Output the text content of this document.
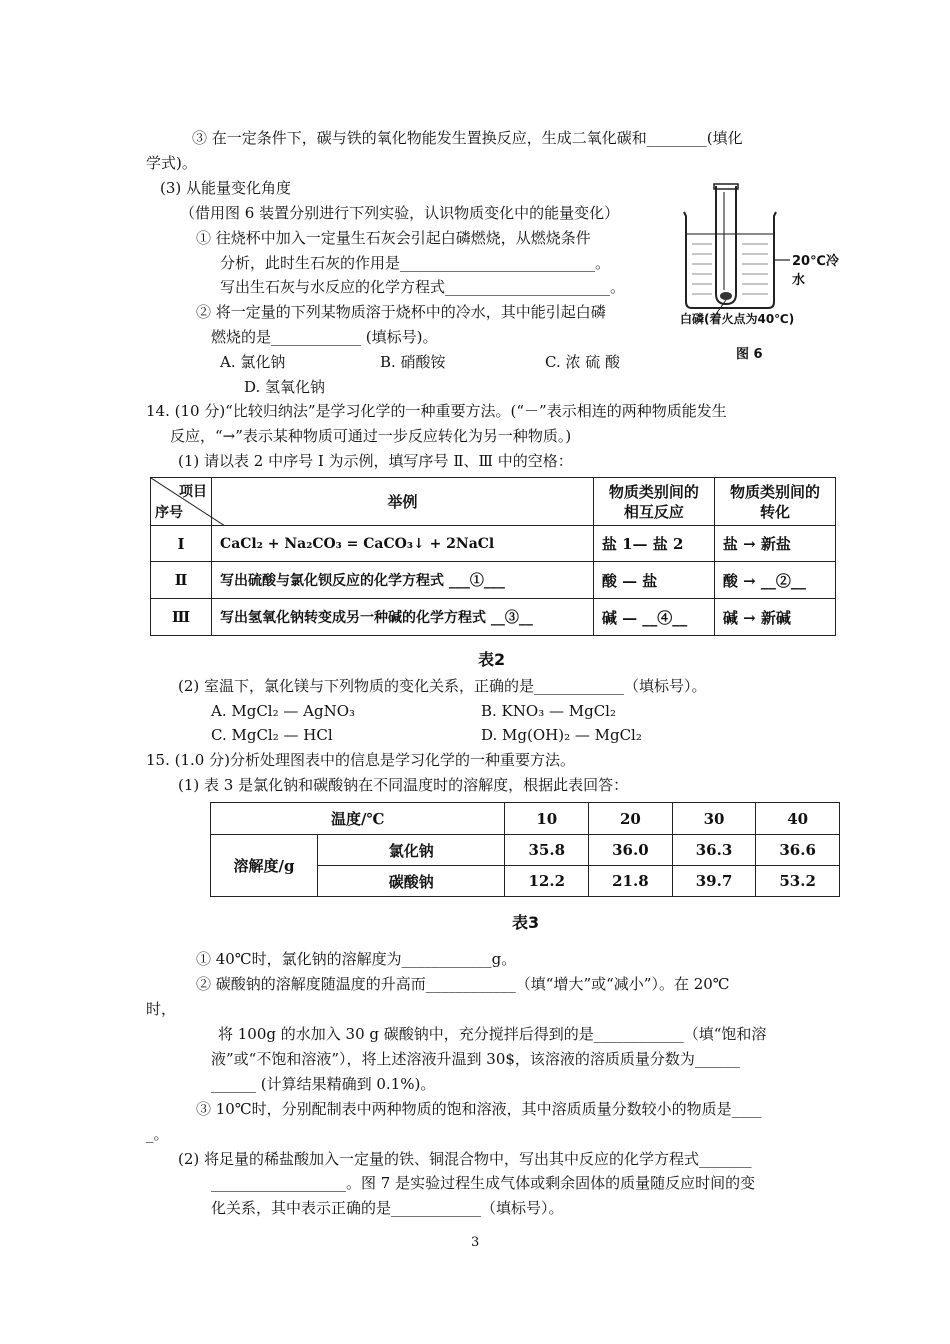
③ 在一定条件下，碳与铁的氧化物能发生置换反应，生成二氧化碳和________(填化
学式)。
(3) 从能量变化角度
（借用图 6 装置分别进行下列实验，认识物质变化中的能量变化）
① 往烧杯中加入一定量生石灰会引起白磷燃烧，从燃烧条件
分析，此时生石灰的作用是__________________________。
写出生石灰与水反应的化学方程式______________________。
② 将一定量的下列某物质溶于烧杯中的冷水，其中能引起白磷
燃烧的是____________ (填标号)。
A. 氯化钠	B. 硝酸铵	C. 浓 硫 酸
D. 氢氧化钠
20℃冷水
白磷(着火点为40℃)
图 6
14. (10 分)“比较归纳法”是学习化学的一种重要方法。(“－”表示相连的两种物质能发生
反应，“→”表示某种物质可通过一步反应转化为另一种物质。)
(1) 请以表 2 中序号 Ⅰ 为示例，填写序号 Ⅱ、Ⅲ 中的空格：
项目
序号	举例	物质类别间的相互反应	物质类别间的转化
Ⅰ	CaCl₂ + Na₂CO₃ = CaCO₃↓ + 2NaCl	盐 1— 盐 2	盐 → 新盐
Ⅱ	写出硫酸与氯化钡反应的化学方程式 ___①___	酸 — 盐	酸 → __②__
Ⅲ	写出氢氧化钠转变成另一种碱的化学方程式 __③__	碱 — __④__	碱 → 新碱
表2
(2) 室温下，氯化镁与下列物质的变化关系，正确的是____________（填标号）。
A. MgCl₂ — AgNO₃	B. KNO₃ — MgCl₂
C. MgCl₂ — HCl	D. Mg(OH)₂ — MgCl₂
15. (1.0 分)分析处理图表中的信息是学习化学的一种重要方法。
(1) 表 3 是氯化钠和碳酸钠在不同温度时的溶解度，根据此表回答：
温度/℃		10	20	30	40
溶解度/g	氯化钠	35.8	36.0	36.3	36.6
	碳酸钠	12.2	21.8	39.7	53.2
表3
① 40℃时，氯化钠的溶解度为____________g。
② 碳酸钠的溶解度随温度的升高而____________（填“增大”或“减小”）。在 20℃
时，
将 100g 的水加入 30 g 碳酸钠中，充分搅拌后得到的是____________（填“饱和溶
液”或“不饱和溶液”），将上述溶液升温到 30$，该溶液的溶质质量分数为______
______ (计算结果精确到 0.1%)。
③ 10℃时，分别配制表中两种物质的饱和溶液，其中溶质质量分数较小的物质是____
_。
(2) 将足量的稀盐酸加入一定量的铁、铜混合物中，写出其中反应的化学方程式_______
__________________。图 7 是实验过程生成气体或剩余固体的质量随反应时间的变
化关系，其中表示正确的是____________（填标号）。
3
